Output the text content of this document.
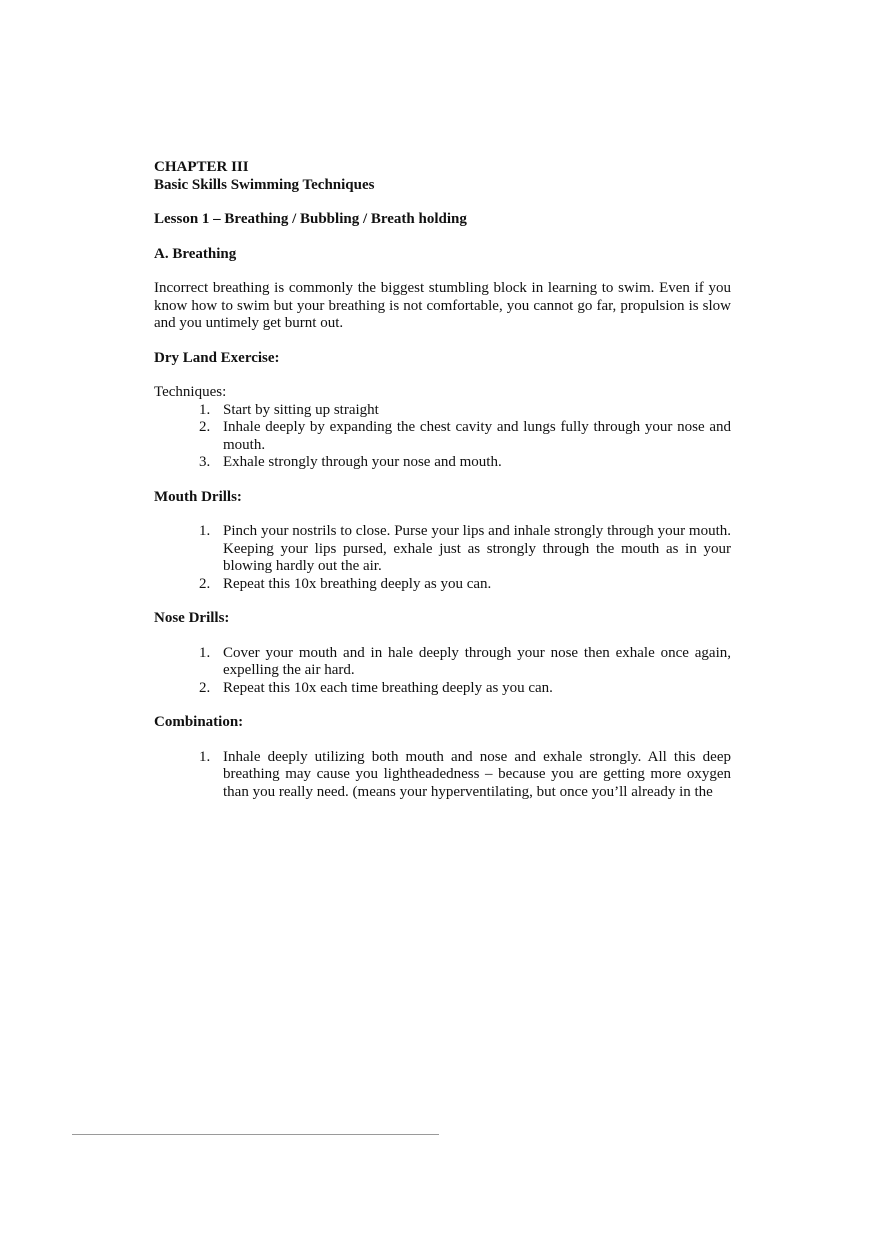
CHAPTER III

Basic Skills Swimming Techniques

Lesson 1 – Breathing / Bubbling / Breath holding

A. Breathing

Incorrect breathing is commonly the biggest stumbling block in learning to swim. Even if you know how to swim but your breathing is not comfortable, you cannot go far, propulsion is slow and you untimely get burnt out.

Dry Land Exercise:

Techniques:

1. Start by sitting up straight
2. Inhale deeply by expanding the chest cavity and lungs fully through your nose and mouth.
3. Exhale strongly through your nose and mouth.

Mouth Drills:

1. Pinch your nostrils to close. Purse your lips and inhale strongly through your mouth. Keeping your lips pursed, exhale just as strongly through the mouth as in your blowing hardly out the air.
2. Repeat this 10x breathing deeply as you can.

Nose Drills:

1. Cover your mouth and in hale deeply through your nose then exhale once again, expelling the air hard.
2. Repeat this 10x each time breathing deeply as you can.

Combination:

1. Inhale deeply utilizing both mouth and nose and exhale strongly. All this deep breathing may cause you lightheadedness – because you are getting more oxygen than you really need. (means your hyperventilating, but once you’ll already in the
